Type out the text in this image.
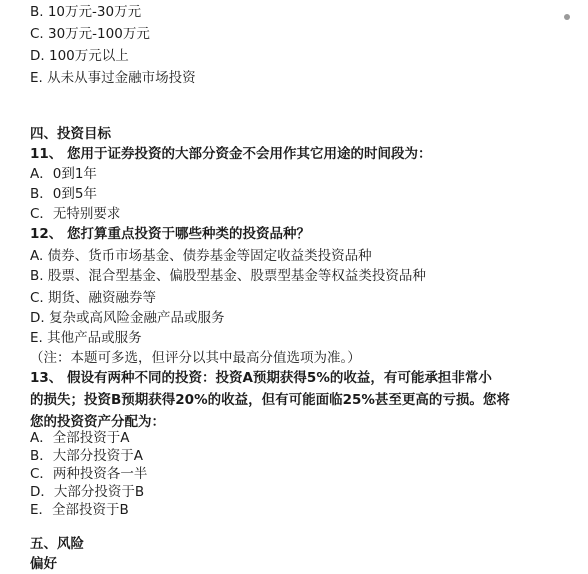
B. 10万元-30万元
C. 30万元-100万元
D. 100万元以上
E. 从未从事过金融市场投资
四、投资目标
11、 您用于证券投资的大部分资金不会用作其它用途的时间段为：
A．0到1年
B．0到5年
C．无特别要求
12、 您打算重点投资于哪些种类的投资品种？
A. 债券、货币市场基金、债券基金等固定收益类投资品种
B. 股票、混合型基金、偏股型基金、股票型基金等权益类投资品种
C. 期货、融资融券等
D. 复杂或高风险金融产品或服务
E. 其他产品或服务
（注：本题可多选，但评分以其中最高分值选项为准。）
13、 假设有两种不同的投资：投资A预期获得5%的收益，有可能承担非常小
的损失；投资B预期获得20%的收益，但有可能面临25%甚至更高的亏损。您将
您的投资资产分配为：
A．全部投资于A
B．大部分投资于A
C．两种投资各一半
D．大部分投资于B
E．全部投资于B
五、风险偏好
